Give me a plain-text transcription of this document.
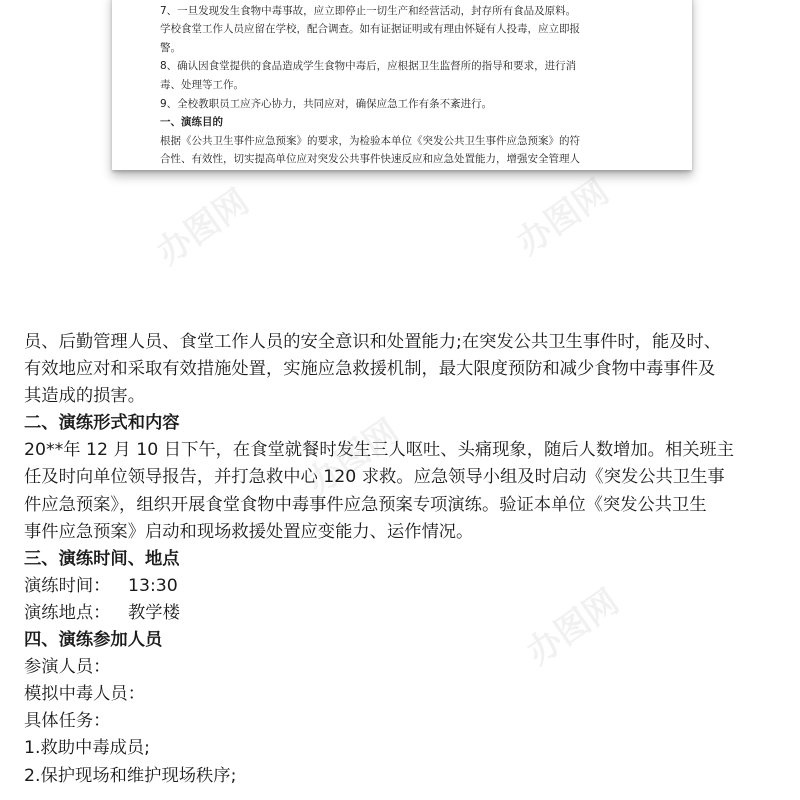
7、一旦发现发生食物中毒事故，应立即停止一切生产和经营活动，封存所有食品及原料。
学校食堂工作人员应留在学校，配合调查。如有证据证明或有理由怀疑有人投毒，应立即报
警。
8、确认因食堂提供的食品造成学生食物中毒后，应根据卫生监督所的指导和要求，进行消
毒、处理等工作。
9、全校教职员工应齐心协力，共同应对，确保应急工作有条不紊进行。
一、演练目的
根据《公共卫生事件应急预案》的要求，为检验本单位《突发公共卫生事件应急预案》的符
合性、有效性，切实提高单位应对突发公共事件快速反应和应急处置能力，增强安全管理人
员、后勤管理人员、食堂工作人员的安全意识和处置能力;在突发公共卫生事件时，能及时、
有效地应对和采取有效措施处置，实施应急救援机制，最大限度预防和减少食物中毒事件及
其造成的损害。
二、演练形式和内容
20**年 12 月 10 日下午，在食堂就餐时发生三人呕吐、头痛现象，随后人数增加。相关班主
任及时向单位领导报告，并打急救中心 120 求救。应急领导小组及时启动《突发公共卫生事
件应急预案》，组织开展食堂食物中毒事件应急预案专项演练。验证本单位《突发公共卫生
事件应急预案》启动和现场救援处置应变能力、运作情况。
三、演练时间、地点
演练时间： 13:30
演练地点： 教学楼
四、演练参加人员
参演人员：
模拟中毒人员：
具体任务：
1.救助中毒成员;
2.保护现场和维护现场秩序;
办图网	办图网
办图网
办图网
